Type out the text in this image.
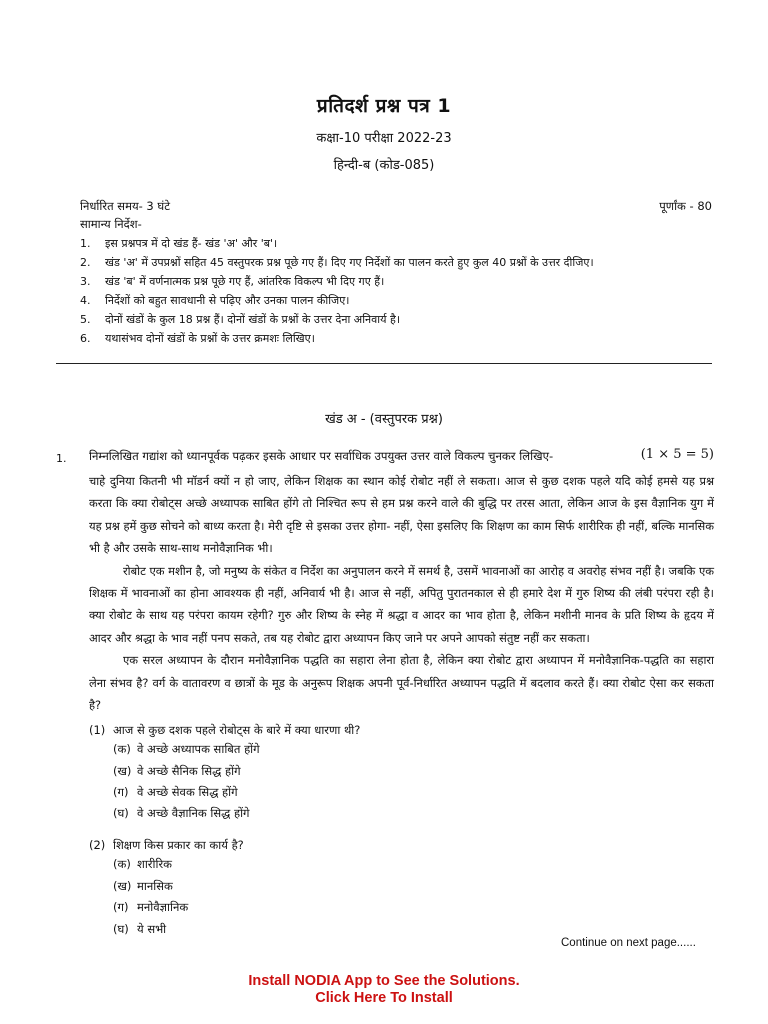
प्रतिदर्श प्रश्न पत्र 1
कक्षा-10 परीक्षा 2022-23
हिन्दी-ब (कोड-085)
निर्धारित समय- 3 घंटे	पूर्णांक - 80
सामान्य निर्देश-
1.	इस प्रश्नपत्र में दो खंड हैं- खंड 'अ' और 'ब'।
2.	खंड 'अ' में उपप्रश्नों सहित 45 वस्तुपरक प्रश्न पूछे गए हैं। दिए गए निर्देशों का पालन करते हुए कुल 40 प्रश्नों के उत्तर दीजिए।
3.	खंड 'ब' में वर्णनात्मक प्रश्न पूछे गए हैं, आंतरिक विकल्प भी दिए गए हैं।
4.	निर्देशों को बहुत सावधानी से पढ़िए और उनका पालन कीजिए।
5.	दोनों खंडों के कुल 18 प्रश्न हैं। दोनों खंडों के प्रश्नों के उत्तर देना अनिवार्य है।
6.	यथासंभव दोनों खंडों के प्रश्नों के उत्तर क्रमशः लिखिए।
खंड अ - (वस्तुपरक प्रश्न)
1. निम्नलिखित गद्यांश को ध्यानपूर्वक पढ़कर इसके आधार पर सर्वाधिक उपयुक्त उत्तर वाले विकल्प चुनकर लिखिए-	(1 × 5 = 5)

चाहे दुनिया कितनी भी मॉडर्न क्यों न हो जाए, लेकिन शिक्षक का स्थान कोई रोबोट नहीं ले सकता। आज से कुछ दशक पहले यदि कोई हमसे यह प्रश्न करता कि क्या रोबोट्स अच्छे अध्यापक साबित होंगे तो निश्चित रूप से हम प्रश्न करने वाले की बुद्धि पर तरस आता, लेकिन आज के इस वैज्ञानिक युग में यह प्रश्न हमें कुछ सोचने को बाध्य करता है। मेरी दृष्टि से इसका उत्तर होगा- नहीं, ऐसा इसलिए कि शिक्षण का काम सिर्फ शारीरिक ही नहीं, बल्कि मानसिक भी है और उसके साथ-साथ मनोवैज्ञानिक भी।

रोबोट एक मशीन है, जो मनुष्य के संकेत व निर्देश का अनुपालन करने में समर्थ है, उसमें भावनाओं का आरोह व अवरोह संभव नहीं है। जबकि एक शिक्षक में भावनाओं का होना आवश्यक ही नहीं, अनिवार्य भी है। आज से नहीं, अपितु पुरातनकाल से ही हमारे देश में गुरु शिष्य की लंबी परंपरा रही है। क्या रोबोट के साथ यह परंपरा कायम रहेगी? गुरु और शिष्य के स्नेह में श्रद्धा व आदर का भाव होता है, लेकिन मशीनी मानव के प्रति शिष्य के हृदय में आदर और श्रद्धा के भाव नहीं पनप सकते, तब यह रोबोट द्वारा अध्यापन किए जाने पर अपने आपको संतुष्ट नहीं कर सकता।

एक सरल अध्यापन के दौरान मनोवैज्ञानिक पद्धति का सहारा लेना होता है, लेकिन क्या रोबोट द्वारा अध्यापन में मनोवैज्ञानिक-पद्धति का सहारा लेना संभव है? वर्ग के वातावरण व छात्रों के मूड के अनुरूप शिक्षक अपनी पूर्व-निर्धारित अध्यापन पद्धति में बदलाव करते हैं। क्या रोबोट ऐसा कर सकता है?

(1) आज से कुछ दशक पहले रोबोट्स के बारे में क्या धारणा थी?
(क) वे अच्छे अध्यापक साबित होंगे
(ख) वे अच्छे सैनिक सिद्ध होंगे
(ग) वे अच्छे सेवक सिद्ध होंगे
(घ) वे अच्छे वैज्ञानिक सिद्ध होंगे
(2) शिक्षण किस प्रकार का कार्य है?
(क) शारीरिक
(ख) मानसिक
(ग) मनोवैज्ञानिक
(घ) ये सभी
Continue on next page......
Install NODIA App to See the Solutions.
Click Here To Install
